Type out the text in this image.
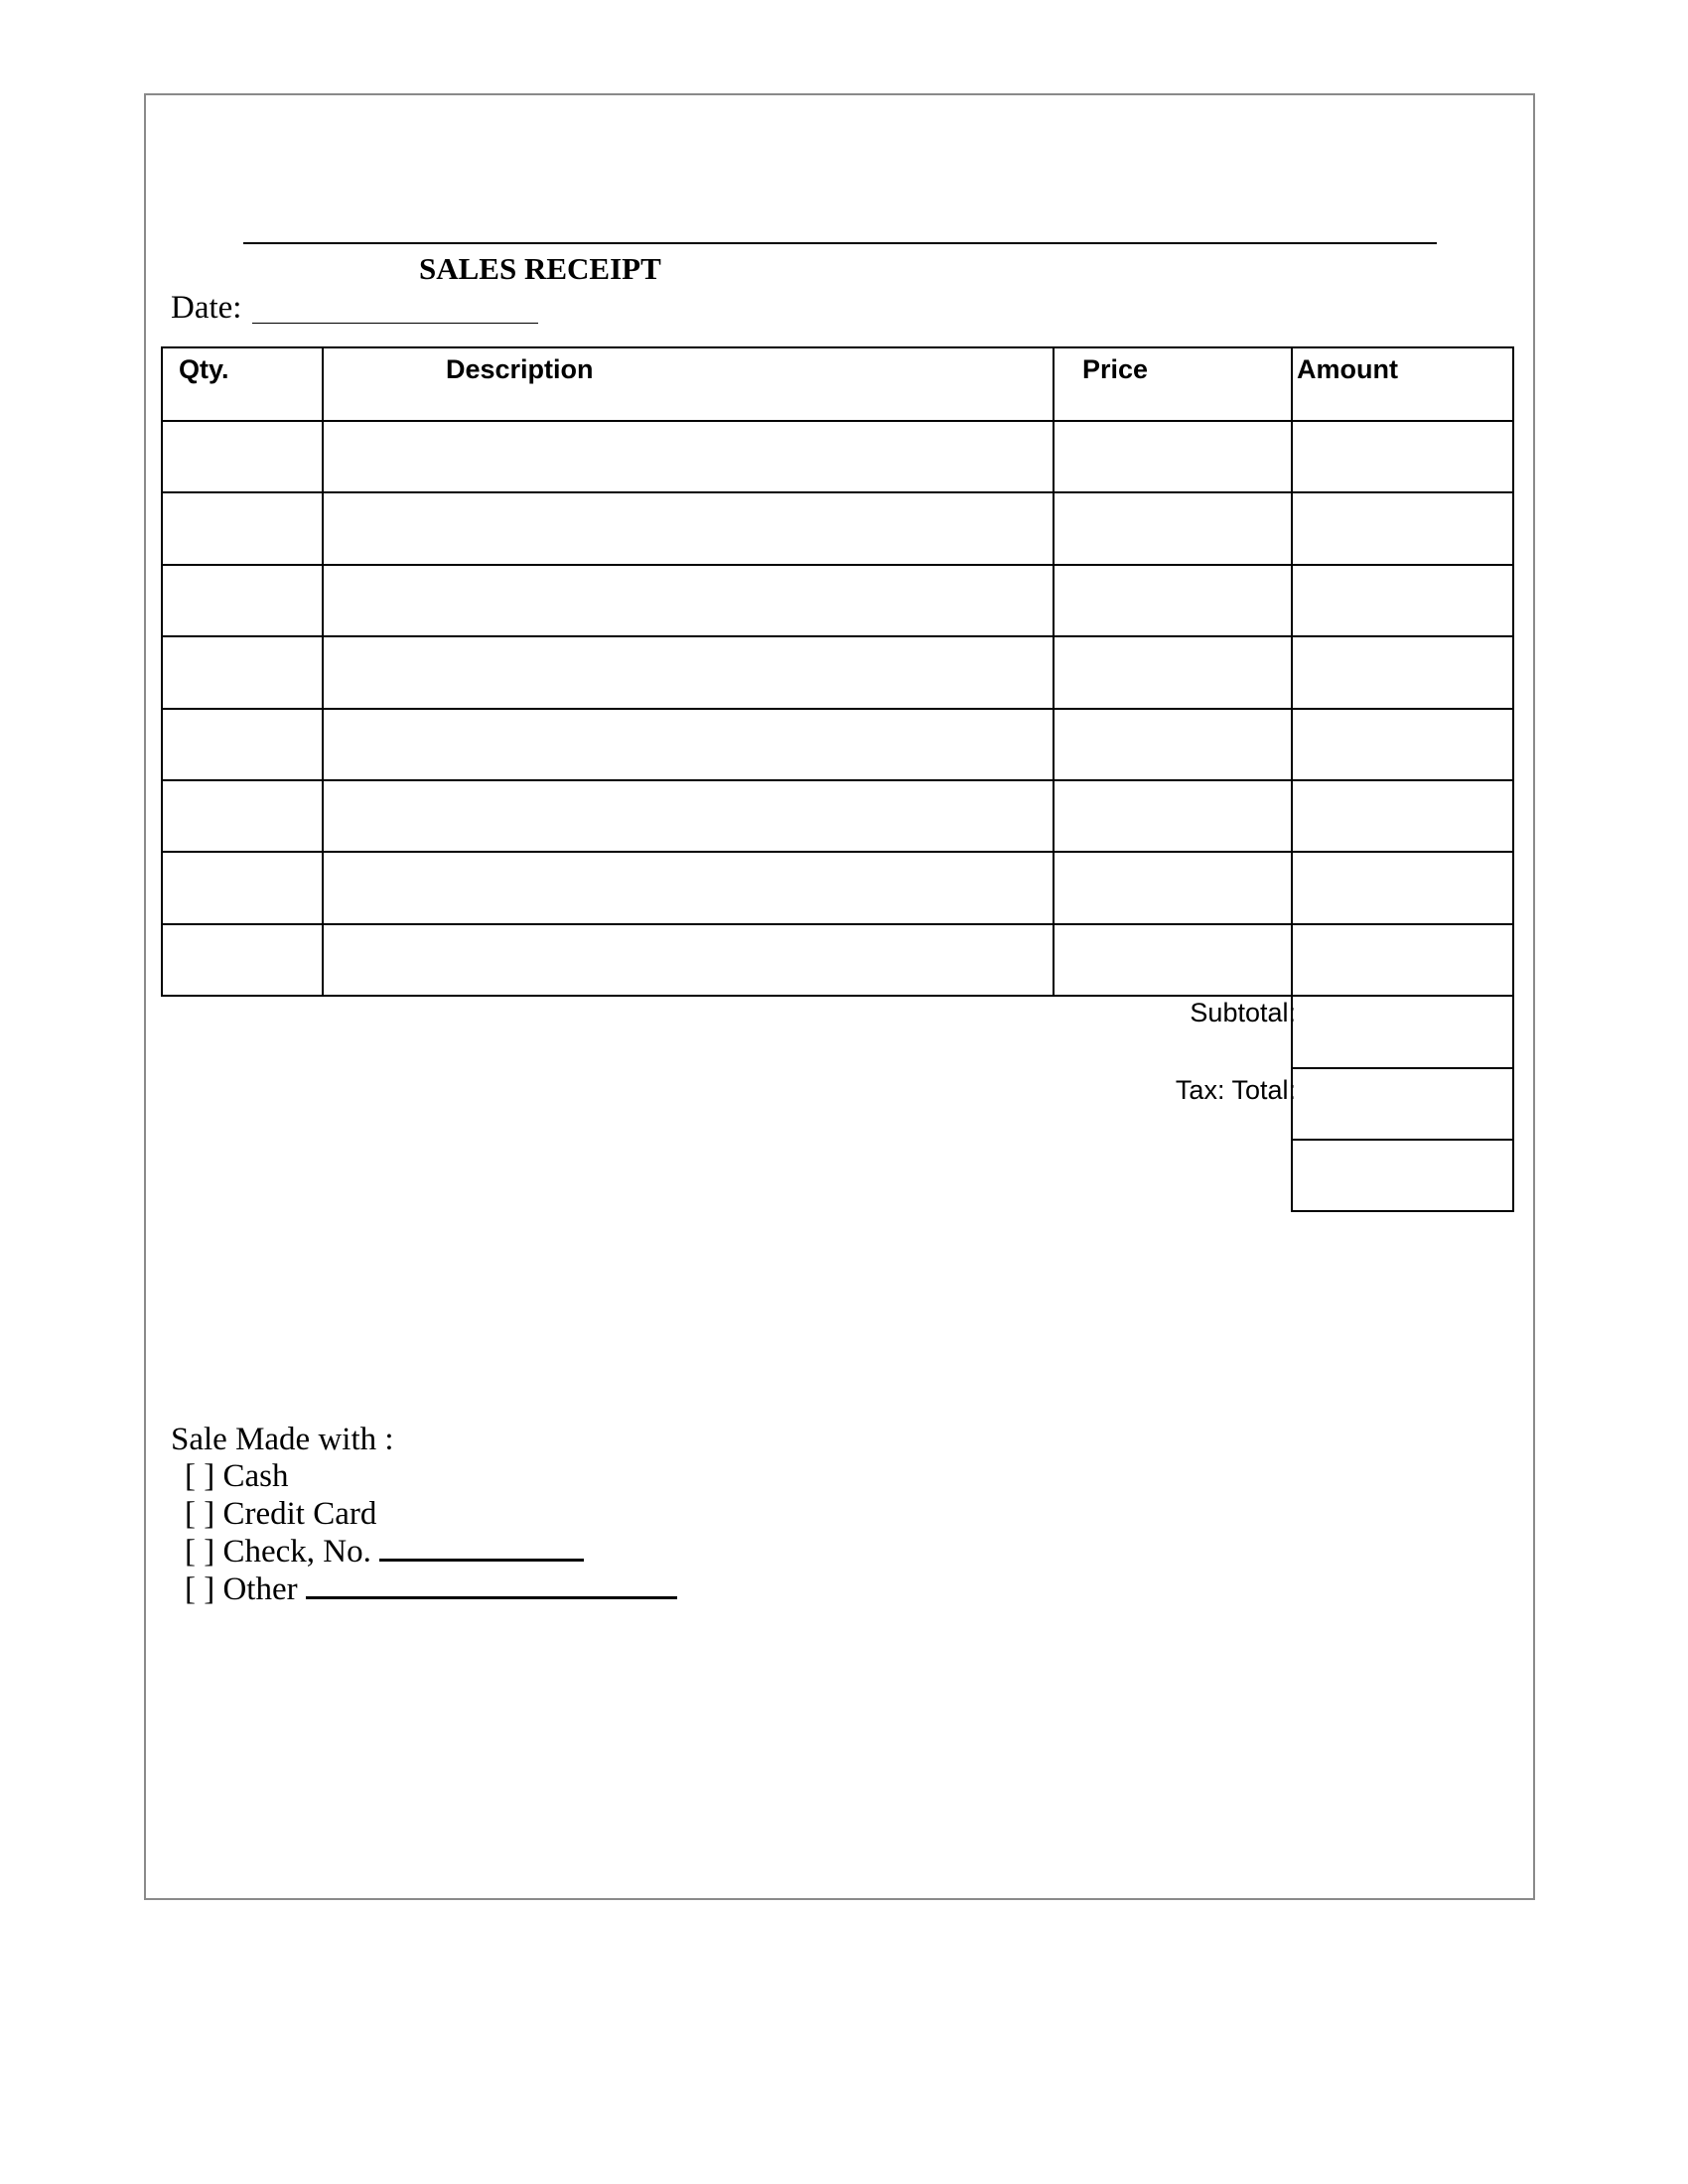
SALES RECEIPT
Date:
Qty.	Description	Price	Amount
Subtotal:
Tax: Total:
Sale Made with :
[ ] Cash
[ ] Credit Card
[ ] Check, No.
[ ] Other
